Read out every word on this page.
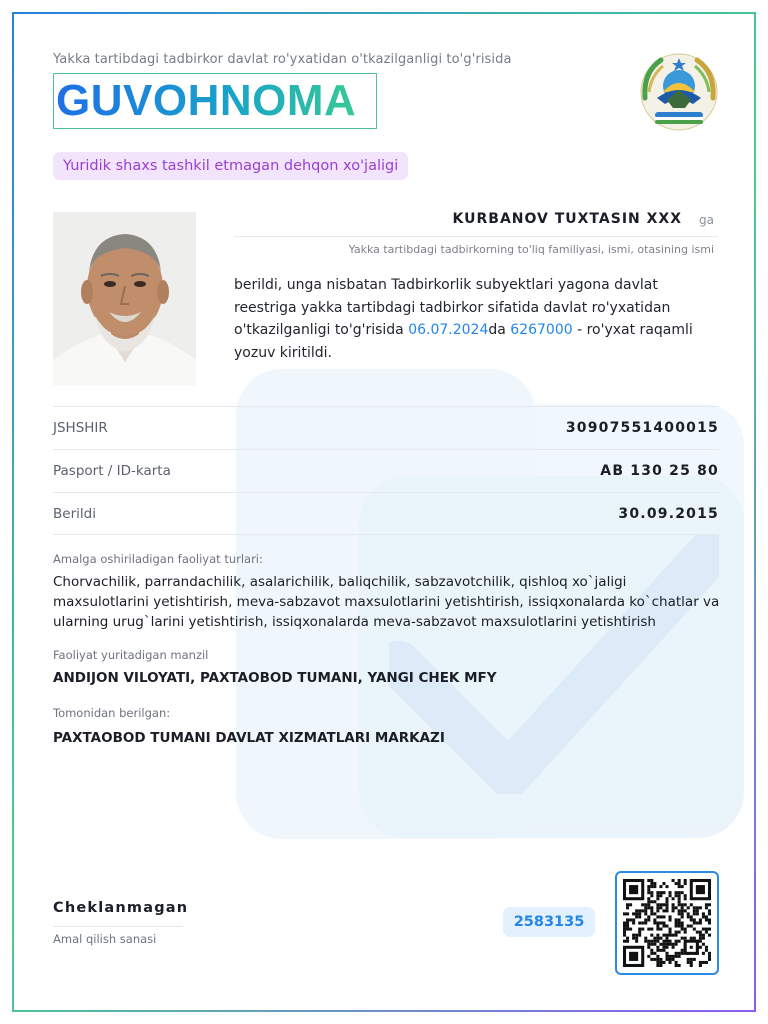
Yakka tartibdagi tadbirkor davlat ro'yxatidan o'tkazilganligi to'g'risida
GUVOHNOMA
Yuridik shaxs tashkil etmagan dehqon xo'jaligi
KURBANOV TUXTASIN XXX ga
Yakka tartibdagi tadbirkorning to'liq familiyasi, ismi, otasining ismi
berildi, unga nisbatan Tadbirkorlik subyektlari yagona davlat reestriga yakka tartibdagi tadbirkor sifatida davlat ro'yxatidan o'tkazilganligi to'g'risida 06.07.2024da 6267000 - ro'yxat raqamli yozuv kiritildi.
JSHSHIR	30907551400015
Pasport / ID-karta	AB 130 25 80
Berildi	30.09.2015
Amalga oshiriladigan faoliyat turlari:
Chorvachilik, parrandachilik, asalarichilik, baliqchilik, sabzavotchilik, qishloq xo`jaligi maxsulotlarini yetishtirish, meva-sabzavot maxsulotlarini yetishtirish, issiqxonalarda ko`chatlar va ularning urug`larini yetishtirish, issiqxonalarda meva-sabzavot maxsulotlarini yetishtirish
Faoliyat yuritadigan manzil
ANDIJON VILOYATI, PAXTAOBOD TUMANI, YANGI CHEK MFY
Tomonidan berilgan:
PAXTAOBOD TUMANI DAVLAT XIZMATLARI MARKAZI
Cheklanmagan
Amal qilish sanasi
2583135
